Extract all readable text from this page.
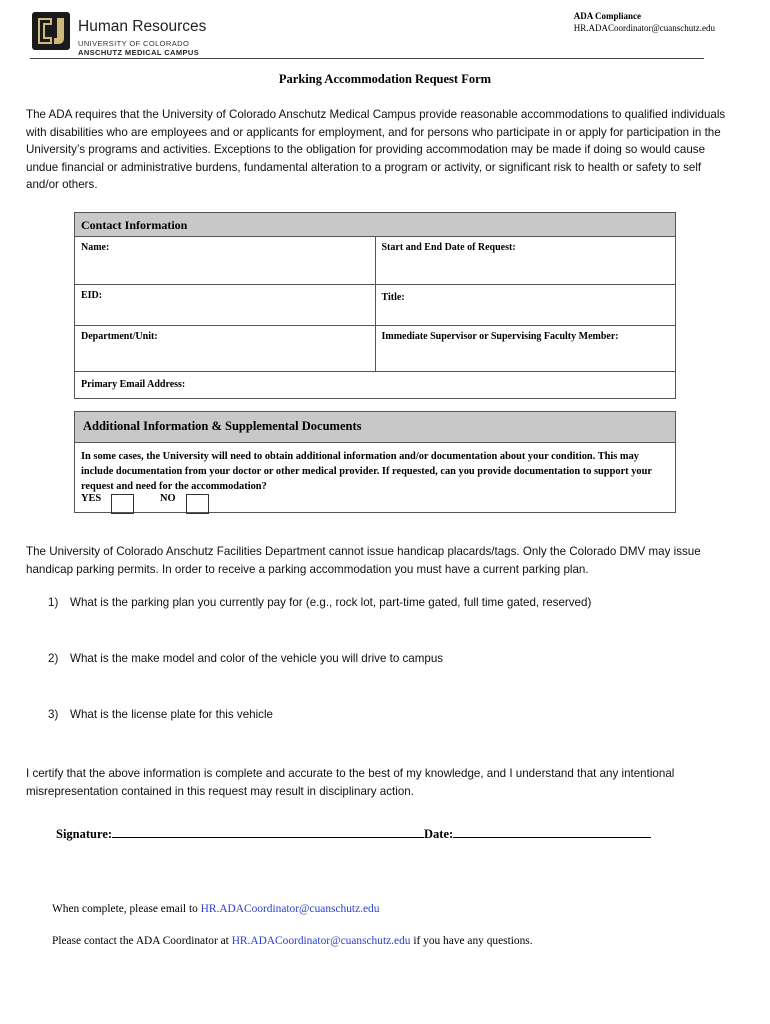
Human Resources
UNIVERSITY OF COLORADO
ANSCHUTZ MEDICAL CAMPUS
ADA Compliance
HR.ADACoordinator@cuanschutz.edu
Parking Accommodation Request Form
The ADA requires that the University of Colorado Anschutz Medical Campus provide reasonable accommodations to qualified individuals with disabilities who are employees and or applicants for employment, and for persons who participate in or apply for participation in the University’s programs and activities. Exceptions to the obligation for providing accommodation may be made if doing so would cause undue financial or administrative burdens, fundamental alteration to a program or activity, or significant risk to health or safety to self and/or others.
Contact Information
Name:	Start and End Date of Request:
EID:	Title:
Department/Unit:	Immediate Supervisor or Supervising Faculty Member:
Primary Email Address:
Additional Information & Supplemental Documents
In some cases, the University will need to obtain additional information and/or documentation about your condition. This may include documentation from your doctor or other medical provider. If requested, can you provide documentation to support your request and need for the accommodation?
YES	NO
The University of Colorado Anschutz Facilities Department cannot issue handicap placards/tags. Only the Colorado DMV may issue handicap parking permits. In order to receive a parking accommodation you must have a current parking plan.
1) What is the parking plan you currently pay for (e.g., rock lot, part-time gated, full time gated, reserved)
2) What is the make model and color of the vehicle you will drive to campus
3) What is the license plate for this vehicle
I certify that the above information is complete and accurate to the best of my knowledge, and I understand that any intentional misrepresentation contained in this request may result in disciplinary action.
Signature:	Date:
When complete, please email to HR.ADACoordinator@cuanschutz.edu
Please contact the ADA Coordinator at HR.ADACoordinator@cuanschutz.edu if you have any questions.
